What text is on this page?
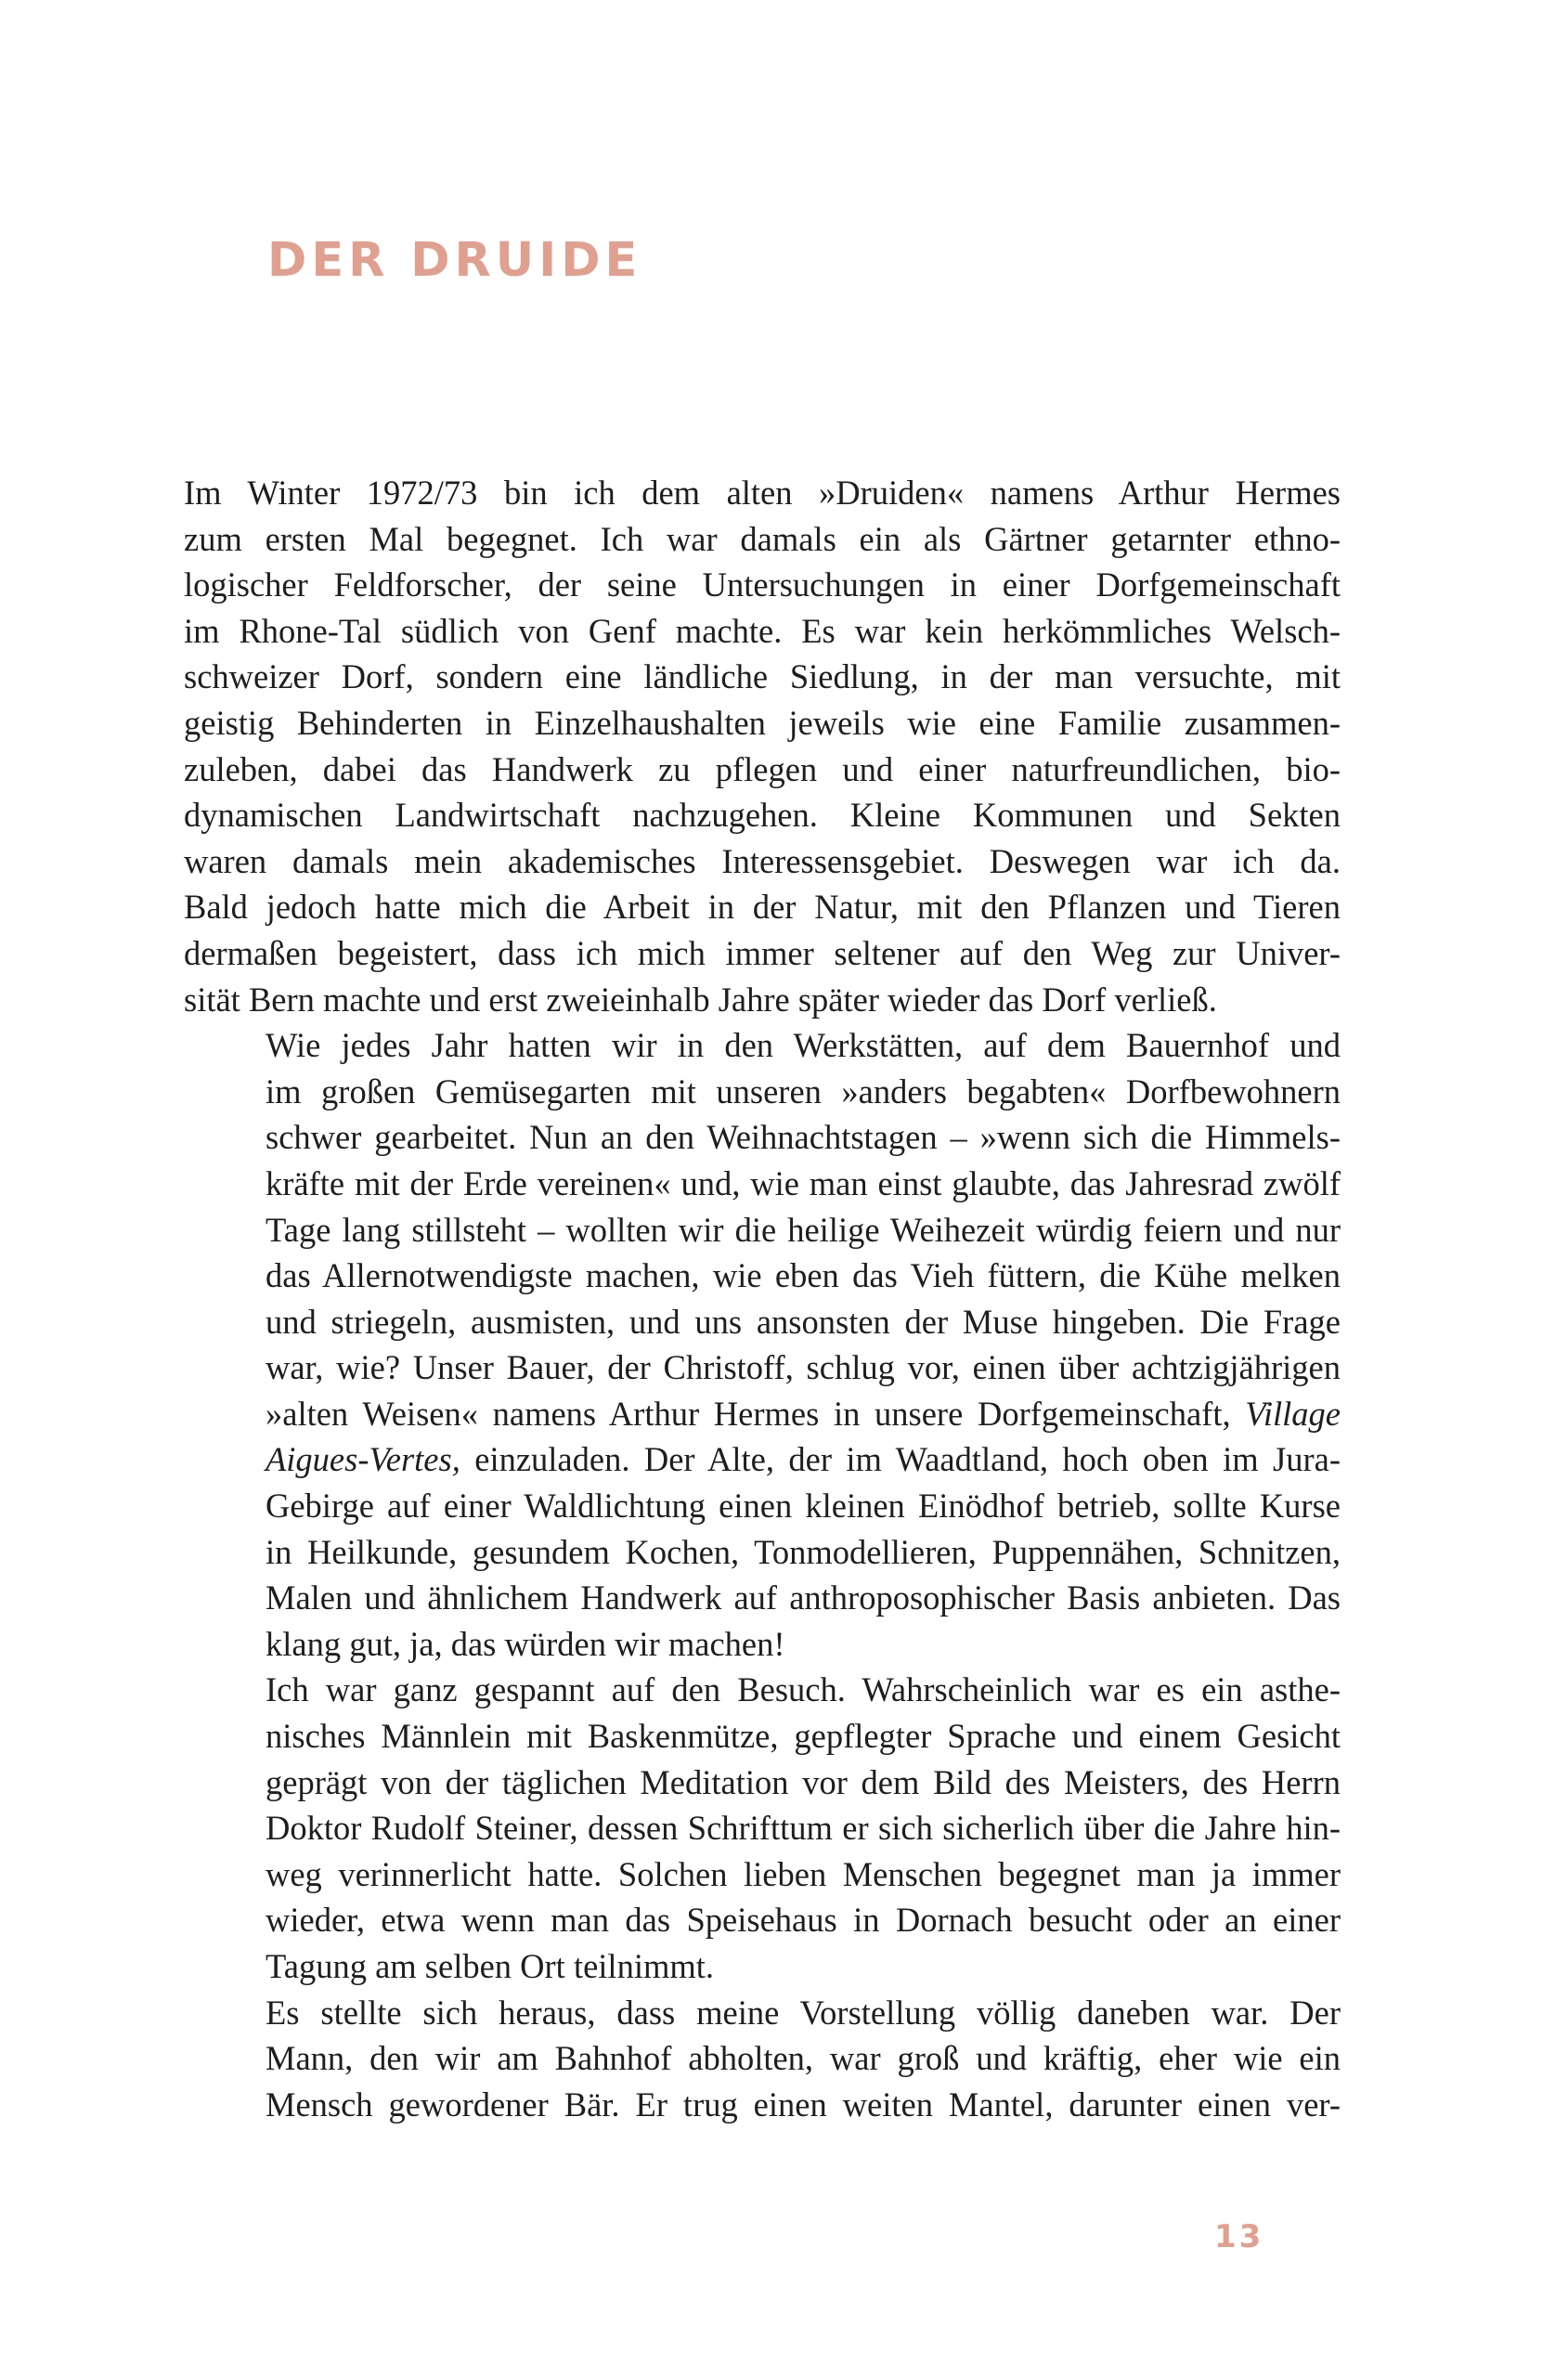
DER DRUIDE

Im Winter 1972/73 bin ich dem alten »Druiden« namens Arthur Hermes
zum ersten Mal begegnet. Ich war damals ein als Gärtner getarnter ethno-
logischer Feldforscher, der seine Untersuchungen in einer Dorfgemeinschaft
im Rhone-Tal südlich von Genf machte. Es war kein herkömmliches Welsch-
schweizer Dorf, sondern eine ländliche Siedlung, in der man versuchte, mit
geistig Behinderten in Einzelhaushalten jeweils wie eine Familie zusammen-
zuleben, dabei das Handwerk zu pflegen und einer naturfreundlichen, bio-
dynamischen Landwirtschaft nachzugehen. Kleine Kommunen und Sekten
waren damals mein akademisches Interessensgebiet. Deswegen war ich da.
Bald jedoch hatte mich die Arbeit in der Natur, mit den Pflanzen und Tieren
dermaßen begeistert, dass ich mich immer seltener auf den Weg zur Univer-
sität Bern machte und erst zweieinhalb Jahre später wieder das Dorf verließ.

Wie jedes Jahr hatten wir in den Werkstätten, auf dem Bauernhof und
im großen Gemüsegarten mit unseren »anders begabten« Dorfbewohnern
schwer gearbeitet. Nun an den Weihnachtstagen – »wenn sich die Himmels-
kräfte mit der Erde vereinen« und, wie man einst glaubte, das Jahresrad zwölf
Tage lang stillsteht – wollten wir die heilige Weihezeit würdig feiern und nur
das Allernotwendigste machen, wie eben das Vieh füttern, die Kühe melken
und striegeln, ausmisten, und uns ansonsten der Muse hingeben. Die Frage
war, wie? Unser Bauer, der Christoff, schlug vor, einen über achtzigjährigen
»alten Weisen« namens Arthur Hermes in unsere Dorfgemeinschaft, Village
Aigues-Vertes, einzuladen. Der Alte, der im Waadtland, hoch oben im Jura-
Gebirge auf einer Waldlichtung einen kleinen Einödhof betrieb, sollte Kurse
in Heilkunde, gesundem Kochen, Tonmodellieren, Puppennähen, Schnitzen,
Malen und ähnlichem Handwerk auf anthroposophischer Basis anbieten. Das
klang gut, ja, das würden wir machen!

Ich war ganz gespannt auf den Besuch. Wahrscheinlich war es ein asthe-
nisches Männlein mit Baskenmütze, gepflegter Sprache und einem Gesicht
geprägt von der täglichen Meditation vor dem Bild des Meisters, des Herrn
Doktor Rudolf Steiner, dessen Schrifttum er sich sicherlich über die Jahre hin-
weg verinnerlicht hatte. Solchen lieben Menschen begegnet man ja immer
wieder, etwa wenn man das Speisehaus in Dornach besucht oder an einer
Tagung am selben Ort teilnimmt.

Es stellte sich heraus, dass meine Vorstellung völlig daneben war. Der
Mann, den wir am Bahnhof abholten, war groß und kräftig, eher wie ein
Mensch gewordener Bär. Er trug einen weiten Mantel, darunter einen ver-

13
